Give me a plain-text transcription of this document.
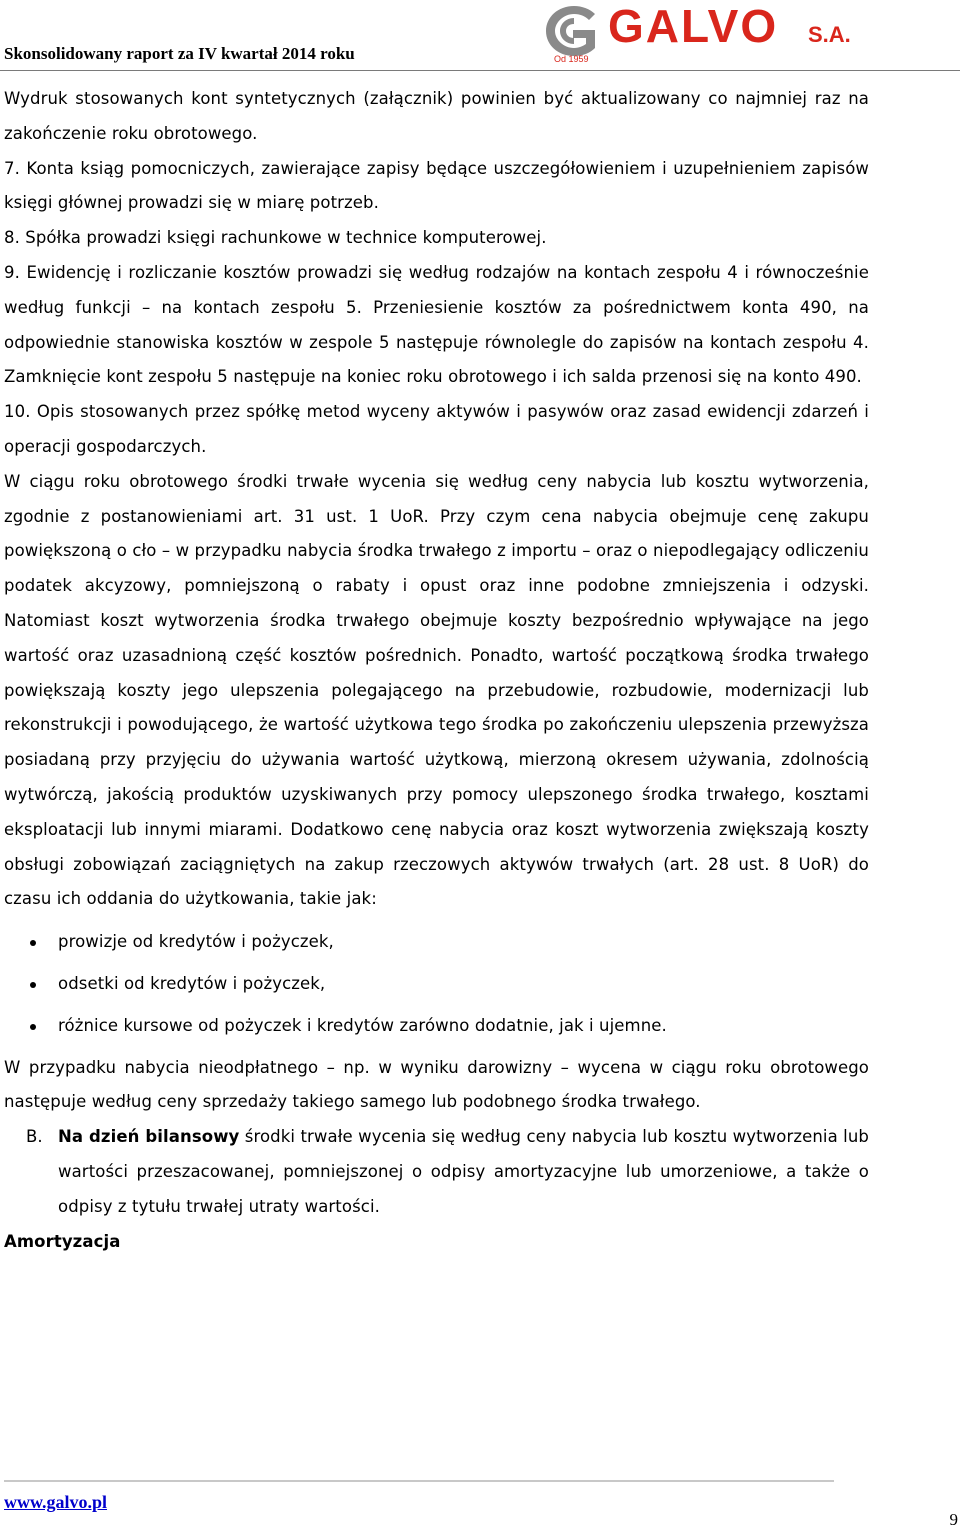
Skonsolidowany raport za IV kwartał 2014 roku
GALVO S.A.
Od 1959

Wydruk stosowanych kont syntetycznych (załącznik) powinien być aktualizowany co najmniej raz na zakończenie roku obrotowego.

7. Konta ksiąg pomocniczych, zawierające zapisy będące uszczegółowieniem i uzupełnieniem zapisów księgi głównej prowadzi się w miarę potrzeb.

8. Spółka prowadzi księgi rachunkowe w technice komputerowej.

9. Ewidencję i rozliczanie kosztów prowadzi się według rodzajów na kontach zespołu 4 i równocześnie według funkcji – na kontach zespołu 5. Przeniesienie kosztów za pośrednictwem konta 490, na odpowiednie stanowiska kosztów w zespole 5 następuje równolegle do zapisów na kontach zespołu 4. Zamknięcie kont zespołu 5 następuje na koniec roku obrotowego i ich salda przenosi się na konto 490.

10. Opis stosowanych przez spółkę metod wyceny aktywów i pasywów oraz zasad ewidencji zdarzeń i operacji gospodarczych.

W ciągu roku obrotowego środki trwałe wycenia się według ceny nabycia lub kosztu wytworzenia, zgodnie z postanowieniami art. 31 ust. 1 UoR. Przy czym cena nabycia obejmuje cenę zakupu powiększoną o cło – w przypadku nabycia środka trwałego z importu – oraz o niepodlegający odliczeniu podatek akcyzowy, pomniejszoną o rabaty i opust oraz inne podobne zmniejszenia i odzyski. Natomiast koszt wytworzenia środka trwałego obejmuje koszty bezpośrednio wpływające na jego wartość oraz uzasadnioną część kosztów pośrednich. Ponadto, wartość początkową środka trwałego powiększają koszty jego ulepszenia polegającego na przebudowie, rozbudowie, modernizacji lub rekonstrukcji i powodującego, że wartość użytkowa tego środka po zakończeniu ulepszenia przewyższa posiadaną przy przyjęciu do używania wartość użytkową, mierzoną okresem używania, zdolnością wytwórczą, jakością produktów uzyskiwanych przy pomocy ulepszonego środka trwałego, kosztami eksploatacji lub innymi miarami. Dodatkowo cenę nabycia oraz koszt wytworzenia zwiększają koszty obsługi zobowiązań zaciągniętych na zakup rzeczowych aktywów trwałych (art. 28 ust. 8 UoR) do czasu ich oddania do użytkowania, takie jak:

prowizje od kredytów i pożyczek,
odsetki od kredytów i pożyczek,
różnice kursowe od pożyczek i kredytów zarówno dodatnie, jak i ujemne.

W przypadku nabycia nieodpłatnego – np. w wyniku darowizny – wycena w ciągu roku obrotowego następuje według ceny sprzedaży takiego samego lub podobnego środka trwałego.

B. Na dzień bilansowy środki trwałe wycenia się według ceny nabycia lub kosztu wytworzenia lub wartości przeszacowanej, pomniejszonej o odpisy amortyzacyjne lub umorzeniowe, a także o odpisy z tytułu trwałej utraty wartości.

Amortyzacja

www.galvo.pl
9
